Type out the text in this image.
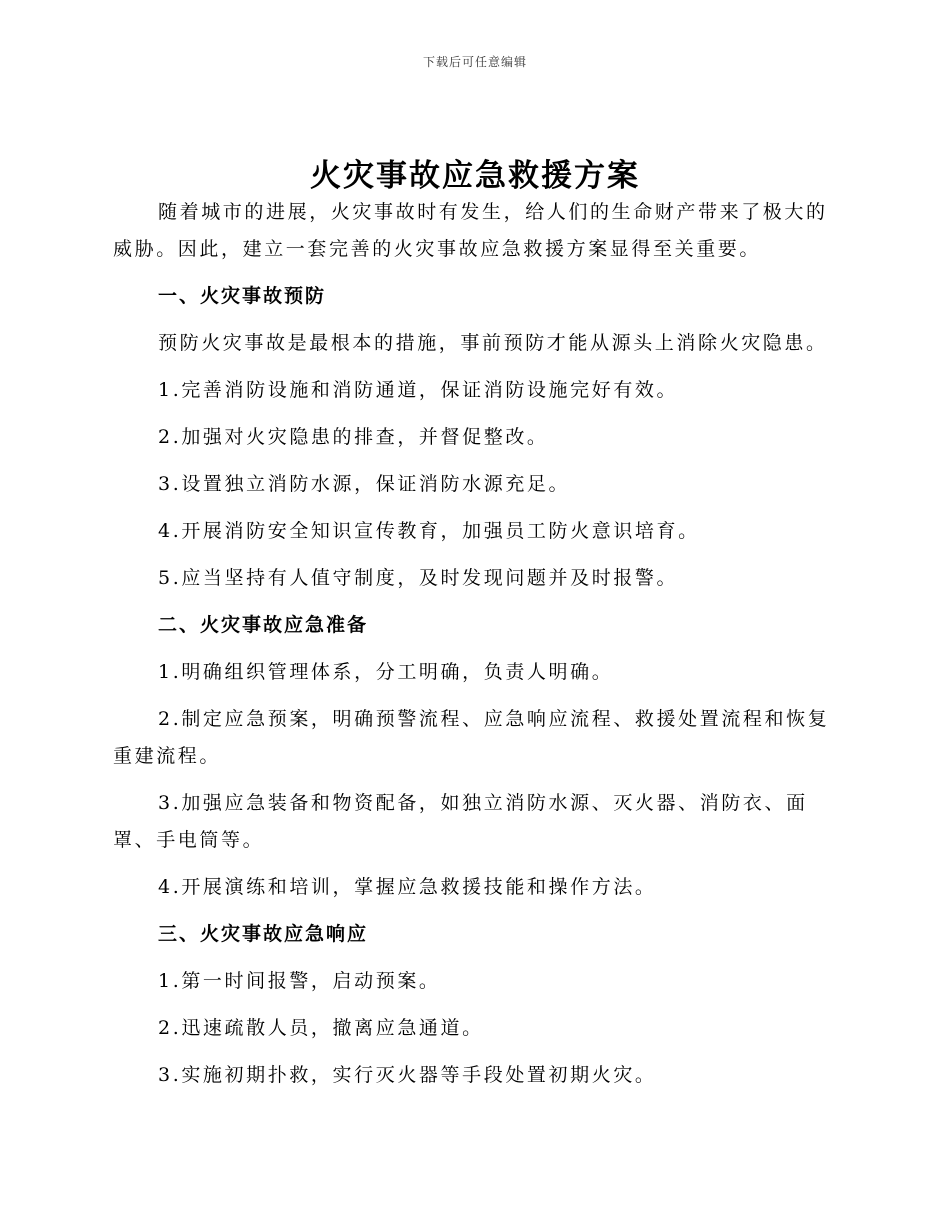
下载后可任意编辑
火灾事故应急救援方案

随着城市的进展，火灾事故时有发生，给人们的生命财产带来了极大的威胁。因此，建立一套完善的火灾事故应急救援方案显得至关重要。

一、火灾事故预防

预防火灾事故是最根本的措施，事前预防才能从源头上消除火灾隐患。

1.完善消防设施和消防通道，保证消防设施完好有效。

2.加强对火灾隐患的排查，并督促整改。

3.设置独立消防水源，保证消防水源充足。

4.开展消防安全知识宣传教育，加强员工防火意识培育。

5.应当坚持有人值守制度，及时发现问题并及时报警。

二、火灾事故应急准备

1.明确组织管理体系，分工明确，负责人明确。

2.制定应急预案，明确预警流程、应急响应流程、救援处置流程和恢复重建流程。

3.加强应急装备和物资配备，如独立消防水源、灭火器、消防衣、面罩、手电筒等。

4.开展演练和培训，掌握应急救援技能和操作方法。

三、火灾事故应急响应

1.第一时间报警，启动预案。

2.迅速疏散人员，撤离应急通道。

3.实施初期扑救，实行灭火器等手段处置初期火灾。
